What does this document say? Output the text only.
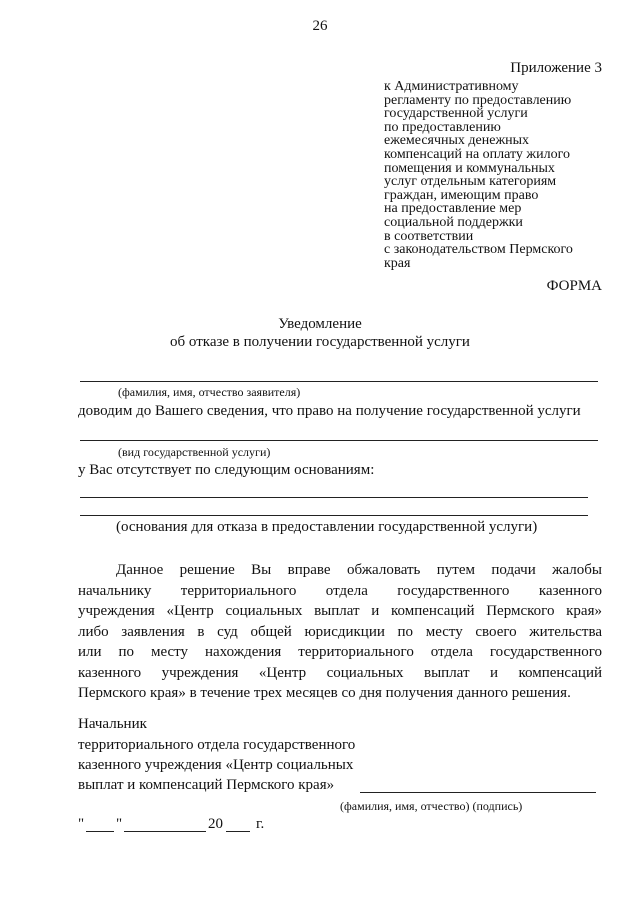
26
Приложение 3
к Административному
регламенту по предоставлению
государственной услуги
по предоставлению
ежемесячных денежных
компенсаций на оплату жилого
помещения и коммунальных
услуг отдельным категориям
граждан, имеющим право
на предоставление мер
социальной поддержки
в соответствии
с законодательством Пермского
края
ФОРМА
Уведомление
об отказе в получении государственной услуги
(фамилия, имя, отчество заявителя)
доводим до Вашего сведения, что право на получение государственной услуги
(вид государственной услуги)
у Вас отсутствует по следующим основаниям:
(основания для отказа в предоставлении государственной услуги)
Данное решение Вы вправе обжаловать путем подачи жалобы
начальнику территориального отдела государственного казенного
учреждения «Центр социальных выплат и компенсаций Пермского края»
либо заявления в суд общей юрисдикции по месту своего жительства
или по месту нахождения территориального отдела государственного
казенного учреждения «Центр социальных выплат и компенсаций
Пермского края» в течение трех месяцев со дня получения данного решения.
Начальник
территориального отдела государственного
казенного учреждения «Центр социальных
выплат и компенсаций Пермского края»
(фамилия, имя, отчество) (подпись)
" "	20 г.
